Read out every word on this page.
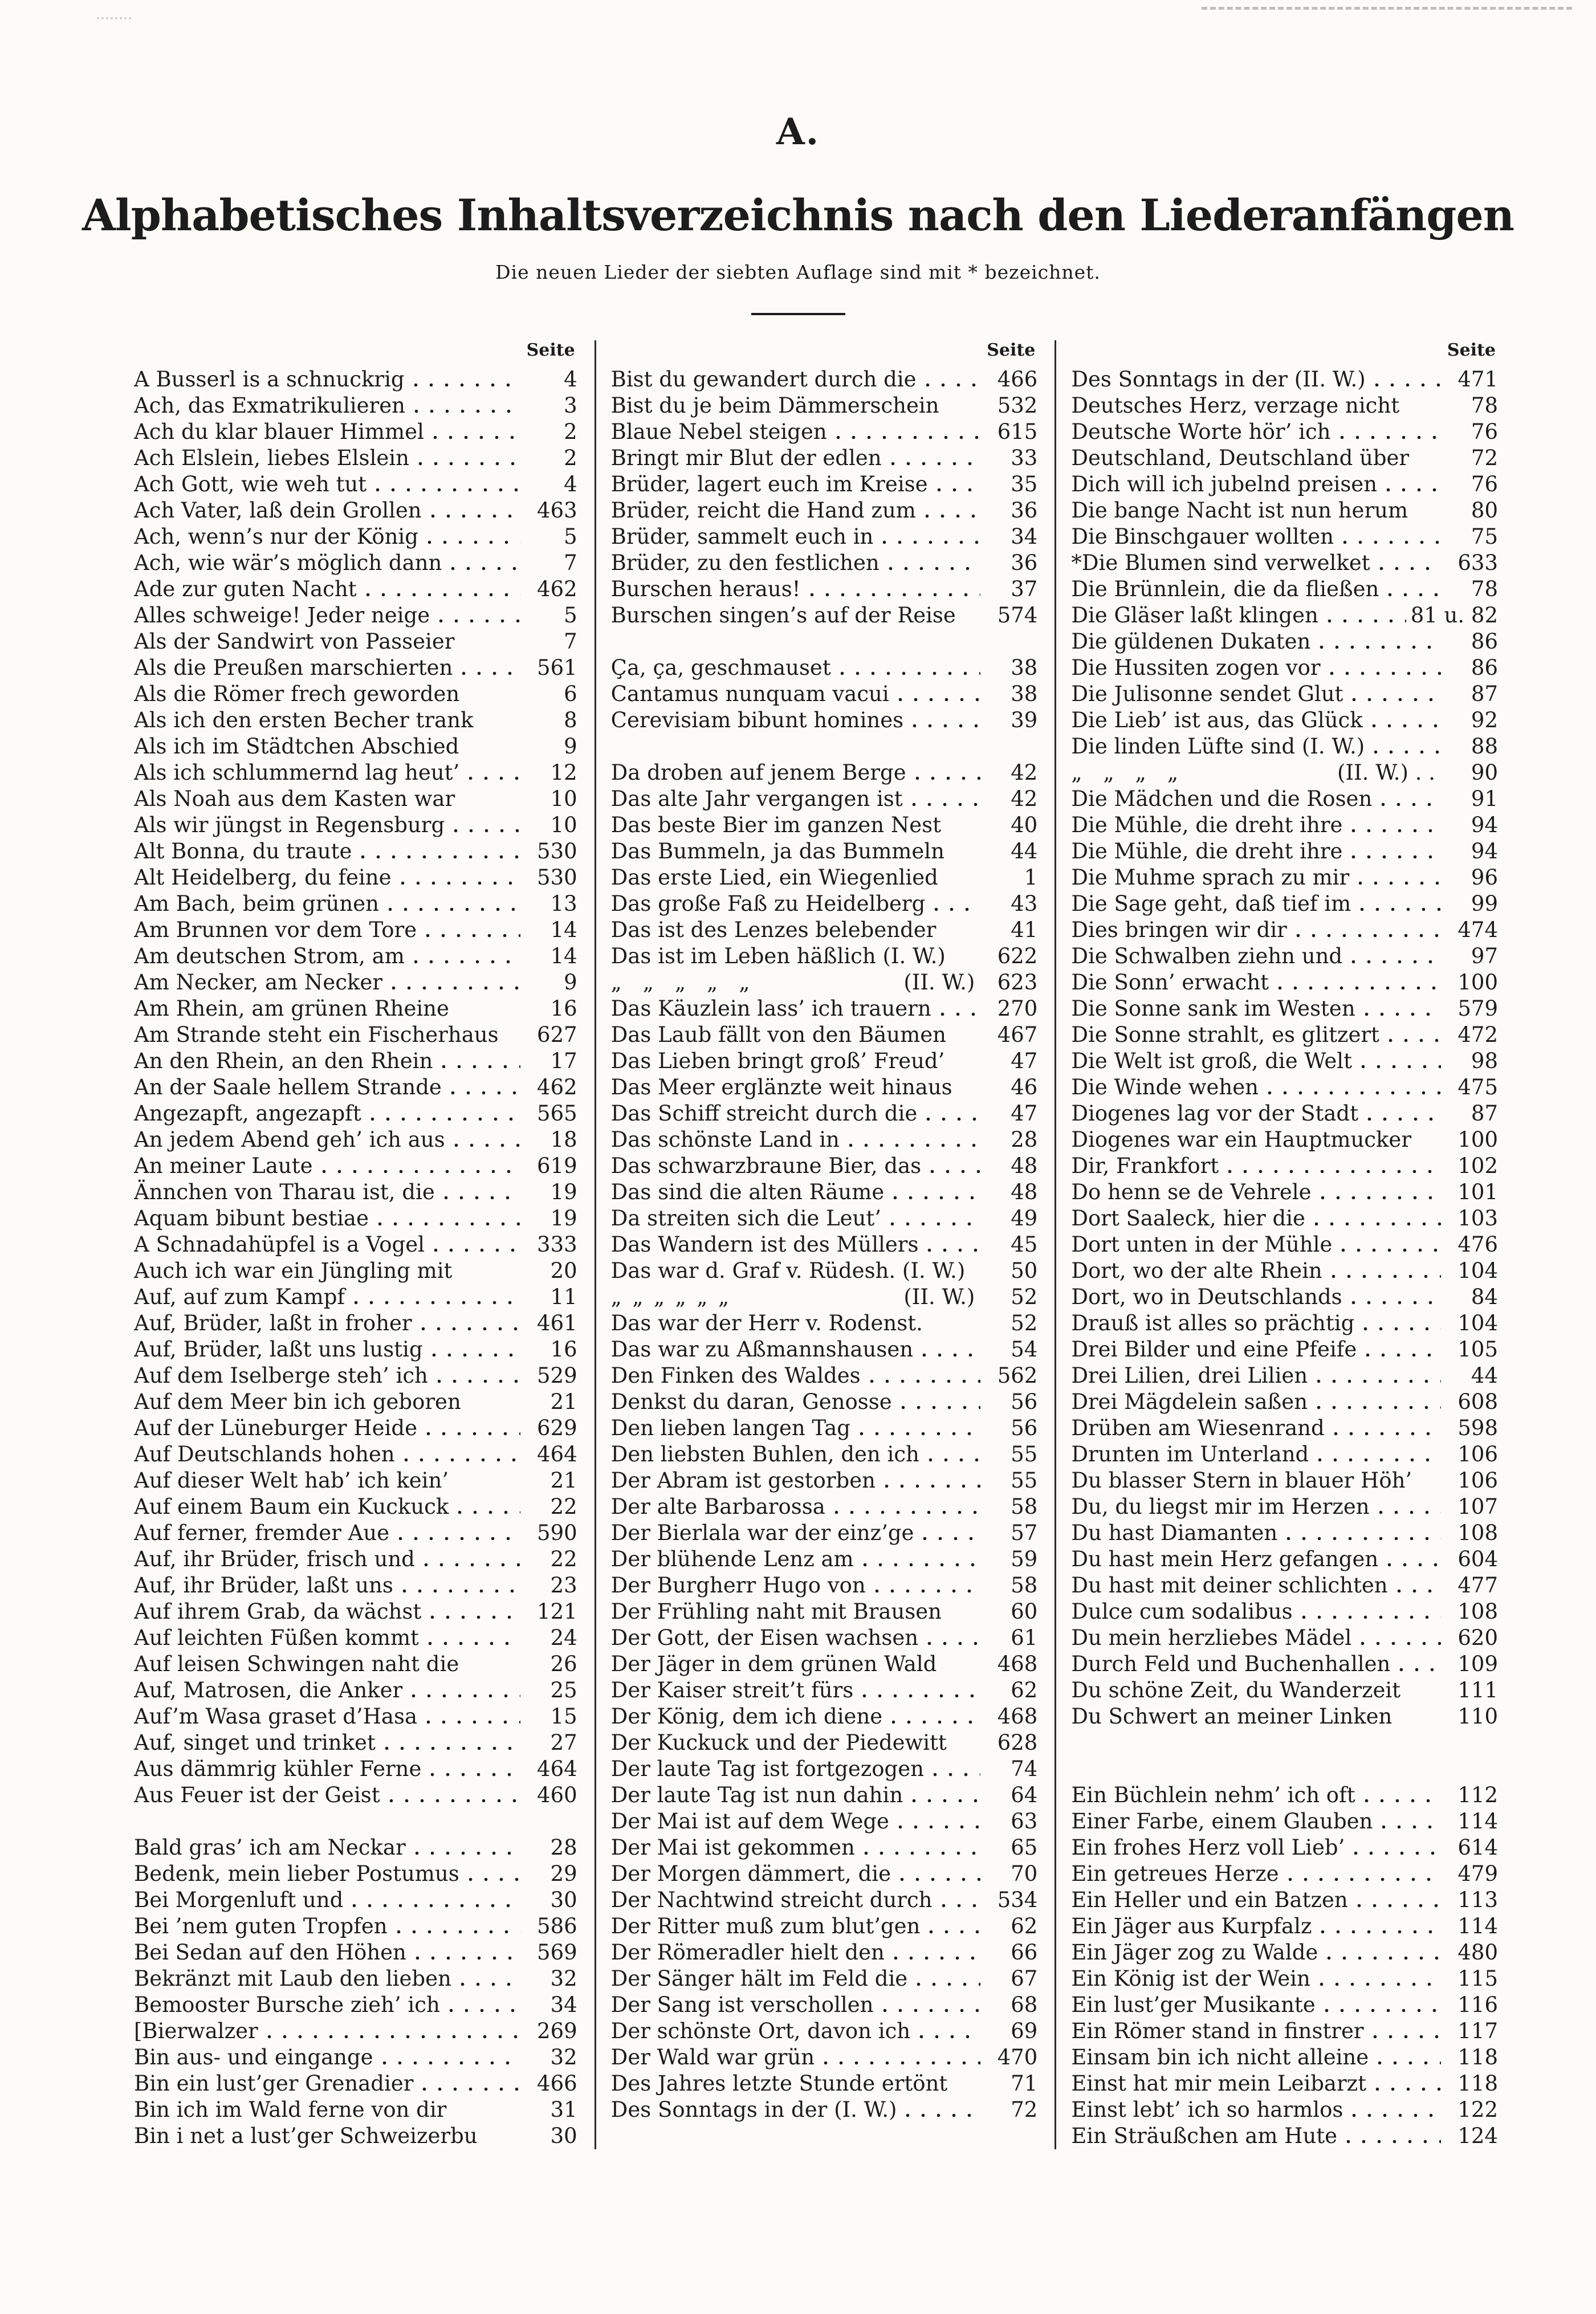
A.
Alphabetisches Inhaltsverzeichnis nach den Liederanfängen
Die neuen Lieder der siebten Auflage sind mit * bezeichnet.
Seite
A Busserl is a schnuckrig	4
Ach, das Exmatrikulieren	3
Ach du klar blauer Himmel	2
Ach Elslein, liebes Elslein	2
Ach Gott, wie weh tut	4
Ach Vater, laß dein Grollen	463
Ach, wenn’s nur der König	5
Ach, wie wär’s möglich dann	7
Ade zur guten Nacht	462
Alles schweige! Jeder neige	5
Als der Sandwirt von Passeier	7
Als die Preußen marschierten	561
Als die Römer frech geworden	6
Als ich den ersten Becher trank	8
Als ich im Städtchen Abschied	9
Als ich schlummernd lag heut’	12
Als Noah aus dem Kasten war	10
Als wir jüngst in Regensburg	10
Alt Bonna, du traute	530
Alt Heidelberg, du feine	530
Am Bach, beim grünen	13
Am Brunnen vor dem Tore	14
Am deutschen Strom, am	14
Am Necker, am Necker	9
Am Rhein, am grünen Rheine	16
Am Strande steht ein Fischerhaus	627
An den Rhein, an den Rhein	17
An der Saale hellem Strande	462
Angezapft, angezapft	565
An jedem Abend geh’ ich aus	18
An meiner Laute	619
Ännchen von Tharau ist, die	19
Aquam bibunt bestiae	19
A Schnadahüpfel is a Vogel	333
Auch ich war ein Jüngling mit	20
Auf, auf zum Kampf	11
Auf, Brüder, laßt in froher	461
Auf, Brüder, laßt uns lustig	16
Auf dem Iselberge steh’ ich	529
Auf dem Meer bin ich geboren	21
Auf der Lüneburger Heide	629
Auf Deutschlands hohen	464
Auf dieser Welt hab’ ich kein’	21
Auf einem Baum ein Kuckuck	22
Auf ferner, fremder Aue	590
Auf, ihr Brüder, frisch und	22
Auf, ihr Brüder, laßt uns	23
Auf ihrem Grab, da wächst	121
Auf leichten Füßen kommt	24
Auf leisen Schwingen naht die	26
Auf, Matrosen, die Anker	25
Auf’m Wasa graset d’Hasa	15
Auf, singet und trinket	27
Aus dämmrig kühler Ferne	464
Aus Feuer ist der Geist	460
Bald gras’ ich am Neckar	28
Bedenk, mein lieber Postumus	29
Bei Morgenluft und	30
Bei ’nem guten Tropfen	586
Bei Sedan auf den Höhen	569
Bekränzt mit Laub den lieben	32
Bemooster Bursche zieh’ ich	34
[Bierwalzer	269
Bin aus- und eingange	32
Bin ein lust’ger Grenadier	466
Bin ich im Wald ferne von dir	31
Bin i net a lust’ger Schweizerbu	30
Seite
Bist du gewandert durch die	466
Bist du je beim Dämmerschein	532
Blaue Nebel steigen	615
Bringt mir Blut der edlen	33
Brüder, lagert euch im Kreise	35
Brüder, reicht die Hand zum	36
Brüder, sammelt euch in	34
Brüder, zu den festlichen	36
Burschen heraus!	37
Burschen singen’s auf der Reise	574
Ça, ça, geschmauset	38
Cantamus nunquam vacui	38
Cerevisiam bibunt homines	39
Da droben auf jenem Berge	42
Das alte Jahr vergangen ist	42
Das beste Bier im ganzen Nest	40
Das Bummeln, ja das Bummeln	44
Das erste Lied, ein Wiegenlied	1
Das große Faß zu Heidelberg	43
Das ist des Lenzes belebender	41
Das ist im Leben häßlich (I. W.)	622
„  „  „  „  „	(II. W.)	623
Das Käuzlein lass’ ich trauern	270
Das Laub fällt von den Bäumen	467
Das Lieben bringt groß’ Freud’	47
Das Meer erglänzte weit hinaus	46
Das Schiff streicht durch die	47
Das schönste Land in	28
Das schwarzbraune Bier, das	48
Das sind die alten Räume	48
Da streiten sich die Leut’	49
Das Wandern ist des Müllers	45
Das war d. Graf v. Rüdesh. (I. W.)	50
„ „ „ „ „ „	(II. W.)	52
Das war der Herr v. Rodenst.	52
Das war zu Aßmannshausen	54
Den Finken des Waldes	562
Denkst du daran, Genosse	56
Den lieben langen Tag	56
Den liebsten Buhlen, den ich	55
Der Abram ist gestorben	55
Der alte Barbarossa	58
Der Bierlala war der einz’ge	57
Der blühende Lenz am	59
Der Burgherr Hugo von	58
Der Frühling naht mit Brausen	60
Der Gott, der Eisen wachsen	61
Der Jäger in dem grünen Wald	468
Der Kaiser streit’t fürs	62
Der König, dem ich diene	468
Der Kuckuck und der Piedewitt	628
Der laute Tag ist fortgezogen	74
Der laute Tag ist nun dahin	64
Der Mai ist auf dem Wege	63
Der Mai ist gekommen	65
Der Morgen dämmert, die	70
Der Nachtwind streicht durch	534
Der Ritter muß zum blut’gen	62
Der Römeradler hielt den	66
Der Sänger hält im Feld die	67
Der Sang ist verschollen	68
Der schönste Ort, davon ich	69
Der Wald war grün	470
Des Jahres letzte Stunde ertönt	71
Des Sonntags in der (I. W.)	72
Seite
Des Sonntags in der (II. W.)	471
Deutsches Herz, verzage nicht	78
Deutsche Worte hör’ ich	76
Deutschland, Deutschland über	72
Dich will ich jubelnd preisen	76
Die bange Nacht ist nun herum	80
Die Binschgauer wollten	75
*Die Blumen sind verwelket	633
Die Brünnlein, die da fließen	78
Die Gläser laßt klingen	81 u. 82
Die güldenen Dukaten	86
Die Hussiten zogen vor	86
Die Julisonne sendet Glut	87
Die Lieb’ ist aus, das Glück	92
Die linden Lüfte sind (I. W.)	88
„  „  „  „	(II. W.) . .	90
Die Mädchen und die Rosen	91
Die Mühle, die dreht ihre	94
Die Mühle, die dreht ihre	94
Die Muhme sprach zu mir	96
Die Sage geht, daß tief im	99
Dies bringen wir dir	474
Die Schwalben ziehn und	97
Die Sonn’ erwacht	100
Die Sonne sank im Westen	579
Die Sonne strahlt, es glitzert	472
Die Welt ist groß, die Welt	98
Die Winde wehen	475
Diogenes lag vor der Stadt	87
Diogenes war ein Hauptmucker	100
Dir, Frankfort	102
Do henn se de Vehrele	101
Dort Saaleck, hier die	103
Dort unten in der Mühle	476
Dort, wo der alte Rhein	104
Dort, wo in Deutschlands	84
Drauß ist alles so prächtig	104
Drei Bilder und eine Pfeife	105
Drei Lilien, drei Lilien	44
Drei Mägdelein saßen	608
Drüben am Wiesenrand	598
Drunten im Unterland	106
Du blasser Stern in blauer Höh’	106
Du, du liegst mir im Herzen	107
Du hast Diamanten	108
Du hast mein Herz gefangen	604
Du hast mit deiner schlichten	477
Dulce cum sodalibus	108
Du mein herzliebes Mädel	620
Durch Feld und Buchenhallen	109
Du schöne Zeit, du Wanderzeit	111
Du Schwert an meiner Linken	110
Ein Büchlein nehm’ ich oft	112
Einer Farbe, einem Glauben	114
Ein frohes Herz voll Lieb’	614
Ein getreues Herze	479
Ein Heller und ein Batzen	113
Ein Jäger aus Kurpfalz	114
Ein Jäger zog zu Walde	480
Ein König ist der Wein	115
Ein lust’ger Musikante	116
Ein Römer stand in finstrer	117
Einsam bin ich nicht alleine	118
Einst hat mir mein Leibarzt	118
Einst lebt’ ich so harmlos	122
Ein Sträußchen am Hute	124
